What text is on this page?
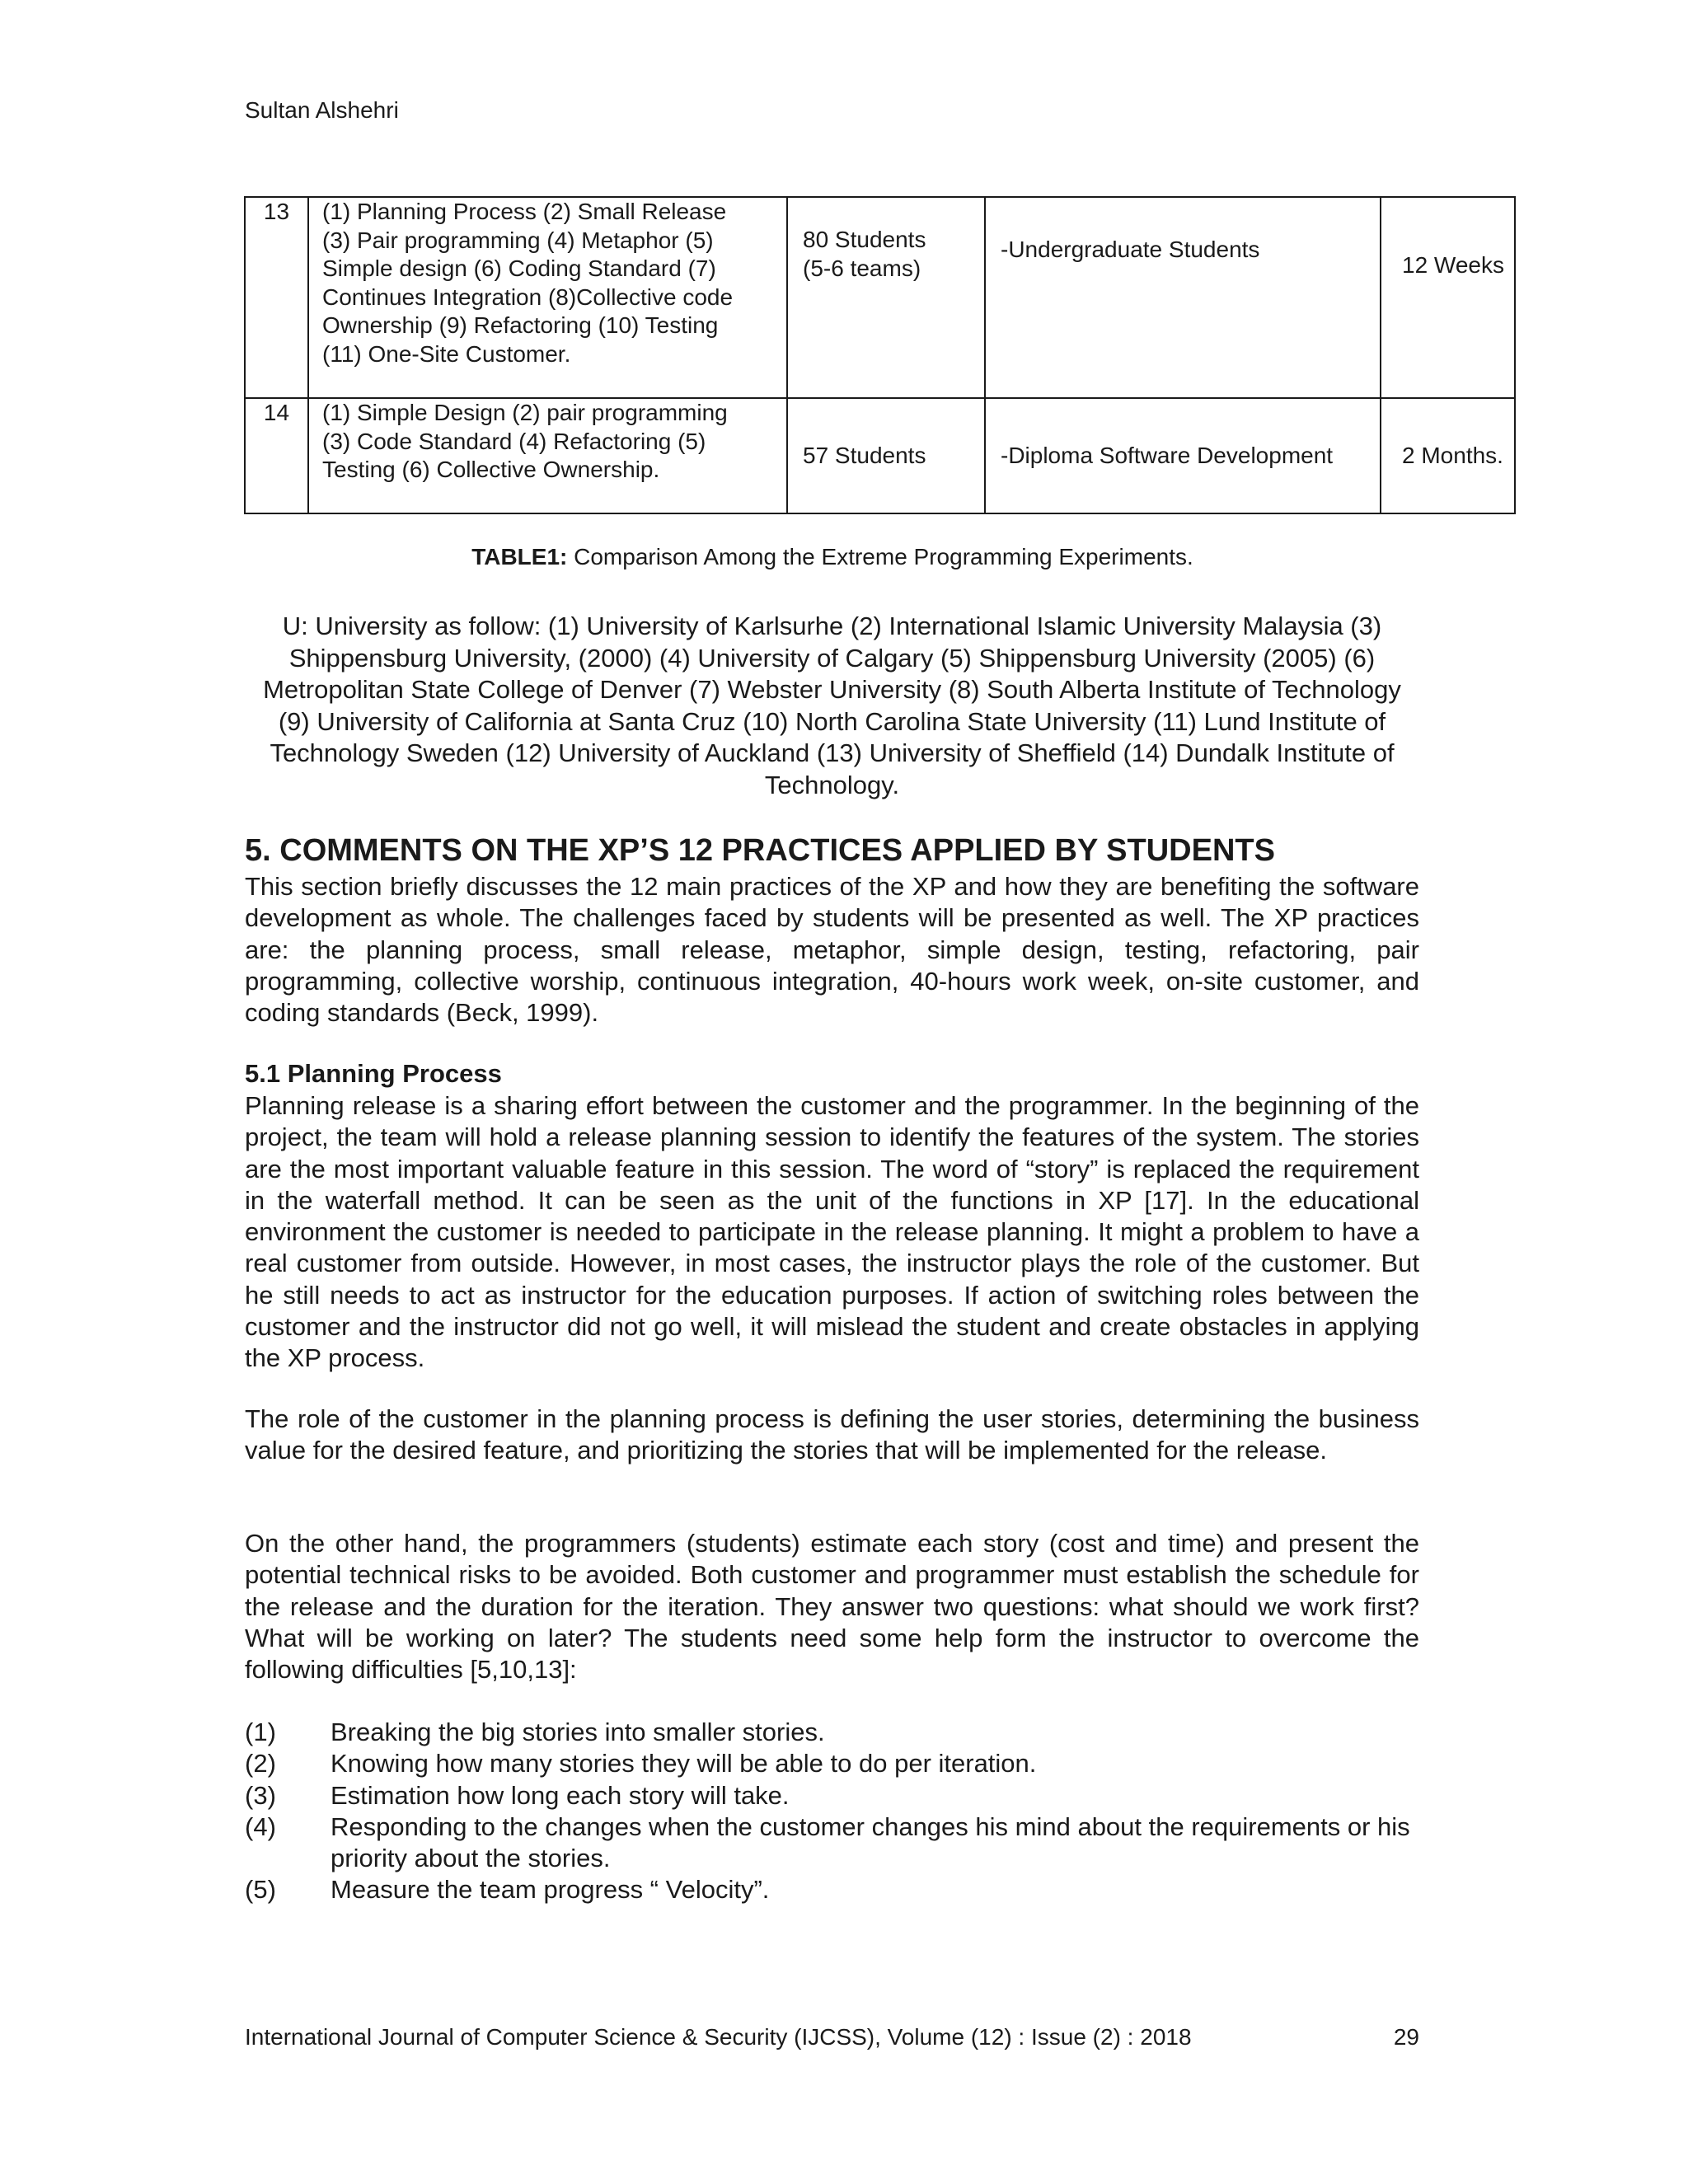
Sultan Alshehri
13	(1) Planning Process (2) Small Release (3) Pair programming (4) Metaphor (5) Simple design (6) Coding Standard (7) Continues Integration (8)Collective code Ownership (9) Refactoring (10) Testing (11) One-Site Customer.	80 Students (5-6 teams)	-Undergraduate Students	12 Weeks
14	(1) Simple Design (2) pair programming (3) Code Standard (4) Refactoring (5) Testing (6) Collective Ownership.	57 Students	-Diploma Software Development	2 Months.
TABLE1: Comparison Among the Extreme Programming Experiments.
U: University as follow: (1) University of Karlsurhe (2) International Islamic University Malaysia (3) Shippensburg University, (2000) (4) University of Calgary (5) Shippensburg University (2005) (6) Metropolitan State College of Denver (7) Webster University (8) South Alberta Institute of Technology (9) University of California at Santa Cruz (10) North Carolina State University (11) Lund Institute of Technology Sweden (12) University of Auckland (13) University of Sheffield (14) Dundalk Institute of Technology.
5. COMMENTS ON THE XP’S 12 PRACTICES APPLIED BY STUDENTS

This section briefly discusses the 12 main practices of the XP and how they are benefiting the software development as whole. The challenges faced by students will be presented as well. The XP practices are: the planning process, small release, metaphor, simple design, testing, refactoring, pair programming, collective worship, continuous integration, 40-hours work week, on-site customer, and coding standards (Beck, 1999).

5.1 Planning Process

Planning release is a sharing effort between the customer and the programmer. In the beginning of the project, the team will hold a release planning session to identify the features of the system. The stories are the most important valuable feature in this session. The word of “story” is replaced the requirement in the waterfall method. It can be seen as the unit of the functions in XP [17]. In the educational environment the customer is needed to participate in the release planning. It might a problem to have a real customer from outside. However, in most cases, the instructor plays the role of the customer. But he still needs to act as instructor for the education purposes. If action of switching roles between the customer and the instructor did not go well, it will mislead the student and create obstacles in applying the XP process.

The role of the customer in the planning process is defining the user stories, determining the business value for the desired feature, and prioritizing the stories that will be implemented for the release.

On the other hand, the programmers (students) estimate each story (cost and time) and present the potential technical risks to be avoided. Both customer and programmer must establish the schedule for the release and the duration for the iteration. They answer two questions: what should we work first? What will be working on later? The students need some help form the instructor to overcome the following difficulties [5,10,13]:

(1) Breaking the big stories into smaller stories.
(2) Knowing how many stories they will be able to do per iteration.
(3) Estimation how long each story will take.
(4) Responding to the changes when the customer changes his mind about the requirements or his priority about the stories.
(5) Measure the team progress “ Velocity”.
International Journal of Computer Science & Security (IJCSS), Volume (12) : Issue (2) : 2018	29
